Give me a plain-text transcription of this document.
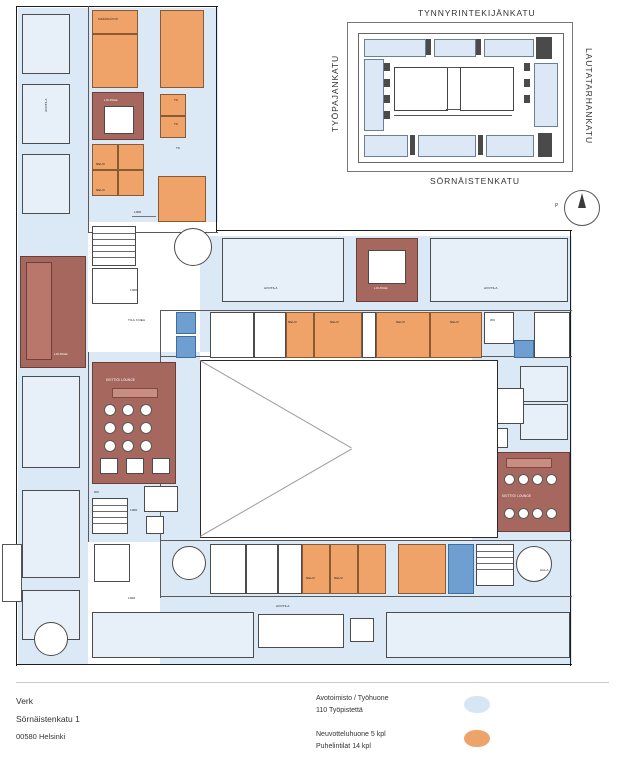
TYNNYRINTEKIJÄNKATU
SÖRNÄISTENKATU
TYÖPAJANKATU	LAUTATARHANKATU
P
AVOTILA
SISÄÄNKÄYNTI
LOUNGE
NEUV
NEUV
TK
TK
TK
1000
1000
TILA 3 DEA
LOUNGE
KEITTIÖ/ LOUNGE
WC
1000
1000
AVOTILA	LOUNGE	AVOTILA
NEUV	NEUV	NEUV	NEUV	WC
KEITTIÖ/ LOUNGE
NEUV	NEUV
AULA
AVOTILA
Verk
Sörnäistenkatu 1
00580 Helsinki
Avotoimisto / Työhuone
110 Työpistettä
Neuvotteluhuone 5 kpl
Puhelintilat 14 kpl
